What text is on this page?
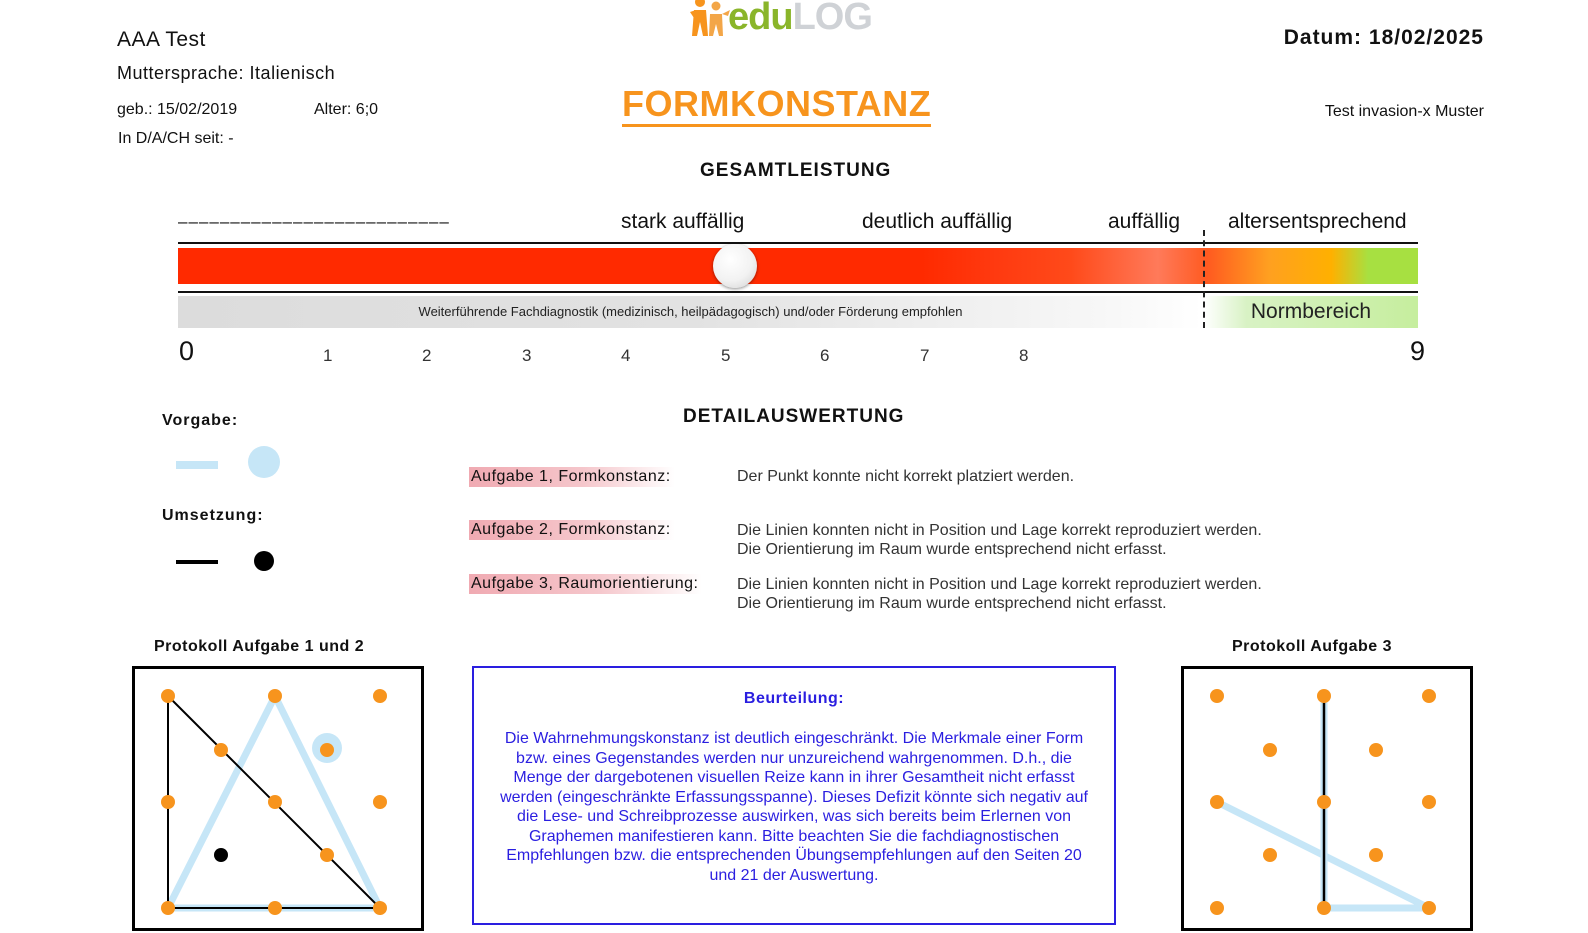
eduLOG
AAA Test
Muttersprache: Italienisch
geb.: 15/02/2019	Alter: 6;0
In D/A/CH seit: -
Datum: 18/02/2025
Test invasion-x Muster
FORMKONSTANZ
GESAMTLEISTUNG
––––––––––––––––––––––––––	stark auffällig	deutlich auffällig	auffällig altersentsprechend
Weiterführende Fachdiagnostik (medizinisch, heilpädagogisch) und/oder Förderung empfohlen	Normbereich
0	1	2	3	4	5	6	7	8	9
Vorgabe:
Umsetzung:
DETAILAUSWERTUNG
Aufgabe 1, Formkonstanz:	Der Punkt konnte nicht korrekt platziert werden.
Aufgabe 2, Formkonstanz:	Die Linien konnten nicht in Position und Lage korrekt reproduziert werden.
Die Orientierung im Raum wurde entsprechend nicht erfasst.
Aufgabe 3, Raumorientierung: Die Linien konnten nicht in Position und Lage korrekt reproduziert werden.
Die Orientierung im Raum wurde entsprechend nicht erfasst.
Protokoll Aufgabe 1 und 2
Beurteilung:
Die Wahrnehmungskonstanz ist deutlich eingeschränkt. Die Merkmale einer Form bzw. eines Gegenstandes werden nur unzureichend wahrgenommen. D.h., die Menge der dargebotenen visuellen Reize kann in ihrer Gesamtheit nicht erfasst werden (eingeschränkte Erfassungsspanne). Dieses Defizit könnte sich negativ auf die Lese- und Schreibprozesse auswirken, was sich bereits beim Erlernen von Graphemen manifestieren kann. Bitte beachten Sie die fachdiagnostischen Empfehlungen bzw. die entsprechenden Übungsempfehlungen auf den Seiten 20 und 21 der Auswertung.
Protokoll Aufgabe 3
